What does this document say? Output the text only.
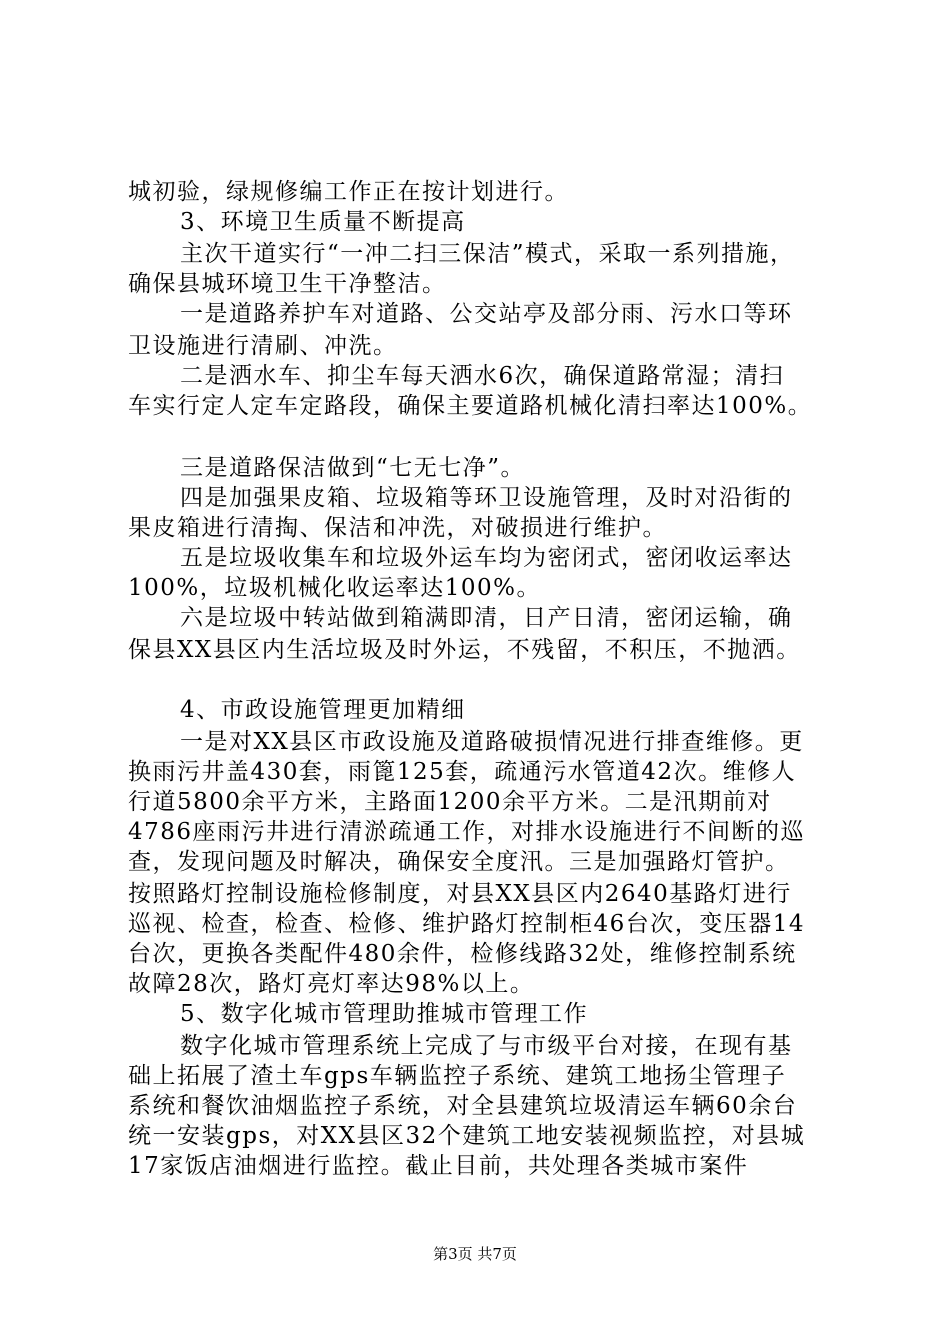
城初验，绿规修编工作正在按计划进行。
3、环境卫生质量不断提高
主次干道实行“一冲二扫三保洁”模式，采取一系列措施，
确保县城环境卫生干净整洁。
一是道路养护车对道路、公交站亭及部分雨、污水口等环
卫设施进行清刷、冲洗。
二是洒水车、抑尘车每天洒水6次，确保道路常湿；清扫
车实行定人定车定路段，确保主要道路机械化清扫率达100%。
三是道路保洁做到“七无七净”。
四是加强果皮箱、垃圾箱等环卫设施管理，及时对沿街的
果皮箱进行清掏、保洁和冲洗，对破损进行维护。
五是垃圾收集车和垃圾外运车均为密闭式，密闭收运率达
100%，垃圾机械化收运率达100%。
六是垃圾中转站做到箱满即清，日产日清，密闭运输，确
保县XX县区内生活垃圾及时外运，不残留，不积压，不抛洒。
4、市政设施管理更加精细
一是对XX县区市政设施及道路破损情况进行排查维修。更
换雨污井盖430套，雨篦125套，疏通污水管道42次。维修人
行道5800余平方米，主路面1200余平方米。二是汛期前对
4786座雨污井进行清淤疏通工作，对排水设施进行不间断的巡
查，发现问题及时解决，确保安全度汛。三是加强路灯管护。
按照路灯控制设施检修制度，对县XX县区内2640基路灯进行
巡视、检查，检查、检修、维护路灯控制柜46台次，变压器14
台次，更换各类配件480余件，检修线路32处，维修控制系统
故障28次，路灯亮灯率达98%以上。
5、数字化城市管理助推城市管理工作
数字化城市管理系统上完成了与市级平台对接，在现有基
础上拓展了渣土车gps车辆监控子系统、建筑工地扬尘管理子
系统和餐饮油烟监控子系统，对全县建筑垃圾清运车辆60余台
统一安装gps，对XX县区32个建筑工地安装视频监控，对县城
17家饭店油烟进行监控。截止目前，共处理各类城市案件
第3页 共7页
